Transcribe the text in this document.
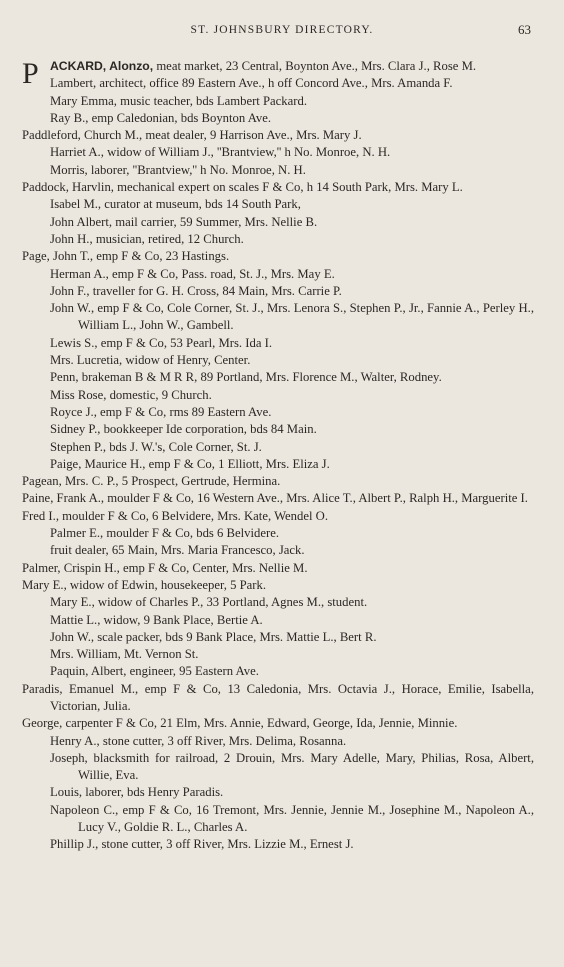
ST. JOHNSBURY DIRECTORY.	63
PACKARD, Alonzo, meat market, 23 Central, Boynton Ave., Mrs. Clara J., Rose M.
Lambert, architect, office 89 Eastern Ave., h off Concord Ave., Mrs. Amanda F.
Mary Emma, music teacher, bds Lambert Packard.
Ray B., emp Caledonian, bds Boynton Ave.
Paddleford, Church M., meat dealer, 9 Harrison Ave., Mrs. Mary J.
Harriet A., widow of William J., ''Brantview,'' h No. Monroe, N. H.
Morris, laborer, ''Brantview,'' h No. Monroe, N. H.
Paddock, Harvlin, mechanical expert on scales F & Co, h 14 South Park, Mrs. Mary L.
Isabel M., curator at museum, bds 14 South Park,
John Albert, mail carrier, 59 Summer, Mrs. Nellie B.
John H., musician, retired, 12 Church.
Page, John T., emp F & Co, 23 Hastings.
Herman A., emp F & Co, Pass. road, St. J., Mrs. May E.
John F., traveller for G. H. Cross, 84 Main, Mrs. Carrie P.
John W., emp F & Co, Cole Corner, St. J., Mrs. Lenora S., Stephen P., Jr., Fannie A., Perley H., William L., John W., Gambell.
Lewis S., emp F & Co, 53 Pearl, Mrs. Ida I.
Mrs. Lucretia, widow of Henry, Center.
Penn, brakeman B & M R R, 89 Portland, Mrs. Florence M., Walter, Rodney.
Miss Rose, domestic, 9 Church.
Royce J., emp F & Co, rms 89 Eastern Ave.
Sidney P., bookkeeper Ide corporation, bds 84 Main.
Stephen P., bds J. W.'s, Cole Corner, St. J.
Paige, Maurice H., emp F & Co, 1 Elliott, Mrs. Eliza J.
Pagean, Mrs. C. P., 5 Prospect, Gertrude, Hermina.
Paine, Frank A., moulder F & Co, 16 Western Ave., Mrs. Alice T., Albert P., Ralph H., Marguerite I.
Fred I., moulder F & Co, 6 Belvidere, Mrs. Kate, Wendel O.
Palmer E., moulder F & Co, bds 6 Belvidere.
fruit dealer, 65 Main, Mrs. Maria Francesco, Jack.
Palmer, Crispin H., emp F & Co, Center, Mrs. Nellie M.
Mary E., widow of Edwin, housekeeper, 5 Park.
Mary E., widow of Charles P., 33 Portland, Agnes M., student.
Mattie L., widow, 9 Bank Place, Bertie A.
John W., scale packer, bds 9 Bank Place, Mrs. Mattie L., Bert R.
Mrs. William, Mt. Vernon St.
Paquin, Albert, engineer, 95 Eastern Ave.
Paradis, Emanuel M., emp F & Co, 13 Caledonia, Mrs. Octavia J., Horace, Emilie, Isabella, Victorian, Julia.
George, carpenter F & Co, 21 Elm, Mrs. Annie, Edward, George, Ida, Jennie, Minnie.
Henry A., stone cutter, 3 off River, Mrs. Delima, Rosanna.
Joseph, blacksmith for railroad, 2 Drouin, Mrs. Mary Adelle, Mary, Philias, Rosa, Albert, Willie, Eva.
Louis, laborer, bds Henry Paradis.
Napoleon C., emp F & Co, 16 Tremont, Mrs. Jennie, Jennie M., Josephine M., Napoleon A., Lucy V., Goldie R. L., Charles A.
Phillip J., stone cutter, 3 off River, Mrs. Lizzie M., Ernest J.
